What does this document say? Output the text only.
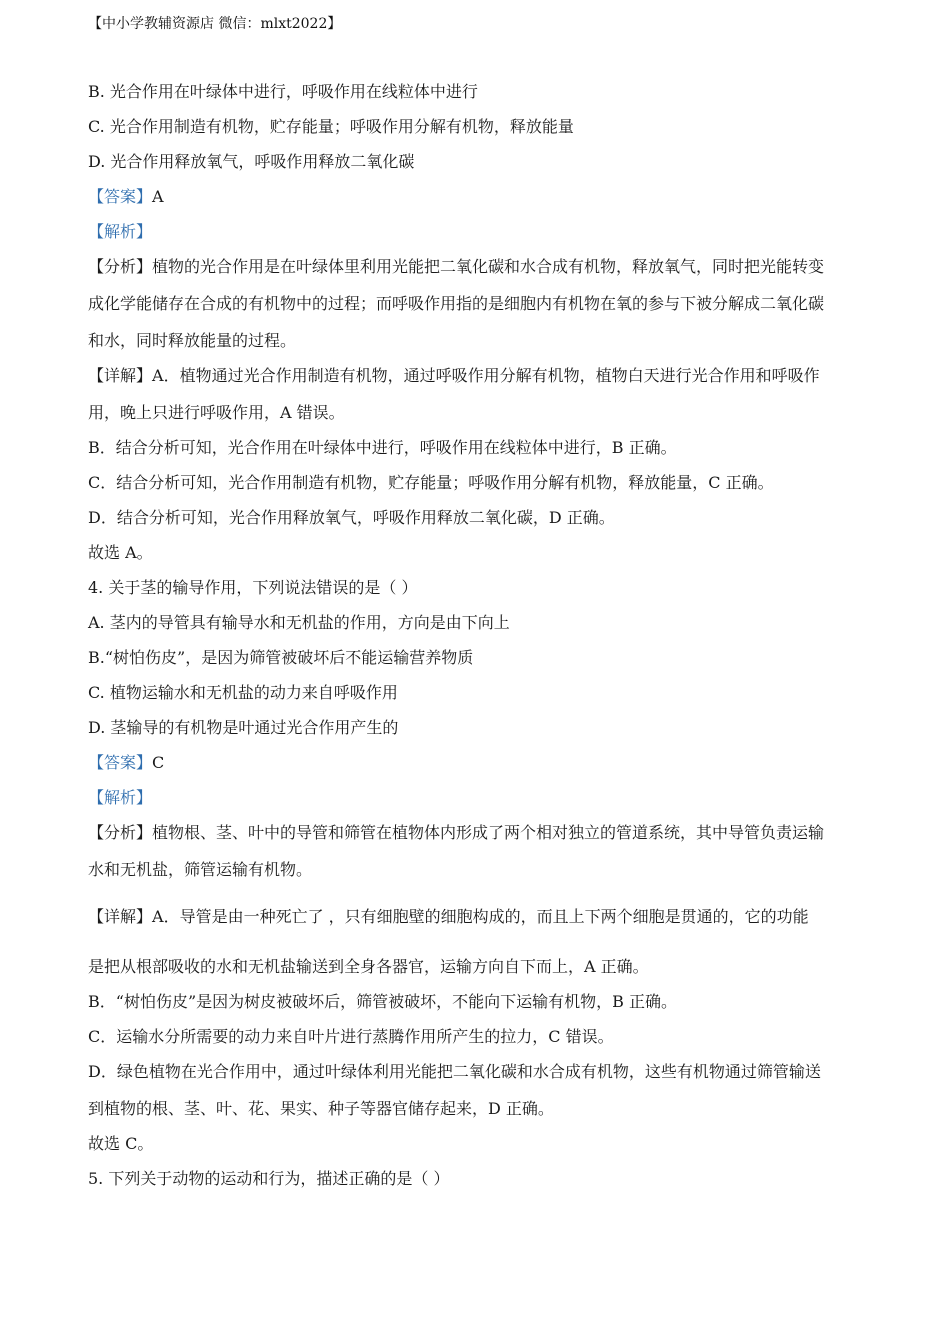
【中小学教辅资源店 微信：mlxt2022】
B. 光合作用在叶绿体中进行，呼吸作用在线粒体中进行
C. 光合作用制造有机物，贮存能量；呼吸作用分解有机物，释放能量
D. 光合作用释放氧气，呼吸作用释放二氧化碳
【答案】A
【解析】
【分析】植物的光合作用是在叶绿体里利用光能把二氧化碳和水合成有机物，释放氧气，同时把光能转变
成化学能储存在合成的有机物中的过程；而呼吸作用指的是细胞内有机物在氧的参与下被分解成二氧化碳
和水，同时释放能量的过程。
【详解】A．植物通过光合作用制造有机物，通过呼吸作用分解有机物，植物白天进行光合作用和呼吸作
用，晚上只进行呼吸作用，A 错误。
B．结合分析可知，光合作用在叶绿体中进行，呼吸作用在线粒体中进行，B 正确。
C．结合分析可知，光合作用制造有机物，贮存能量；呼吸作用分解有机物，释放能量，C 正确。
D．结合分析可知，光合作用释放氧气，呼吸作用释放二氧化碳，D 正确。
故选 A。
4. 关于茎的输导作用，下列说法错误的是（ ）
A. 茎内的导管具有输导水和无机盐的作用，方向是由下向上
B.“树怕伤皮”，是因为筛管被破坏后不能运输营养物质
C. 植物运输水和无机盐的动力来自呼吸作用
D. 茎输导的有机物是叶通过光合作用产生的
【答案】C
【解析】
【分析】植物根、茎、叶中的导管和筛管在植物体内形成了两个相对独立的管道系统，其中导管负责运输
水和无机盐，筛管运输有机物。
【详解】A．导管是由一种死亡了 ，只有细胞壁的细胞构成的，而且上下两个细胞是贯通的，它的功能
是把从根部吸收的水和无机盐输送到全身各器官，运输方向自下而上，A 正确。
B．“树怕伤皮”是因为树皮被破坏后，筛管被破坏，不能向下运输有机物，B 正确。
C．运输水分所需要的动力来自叶片进行蒸腾作用所产生的拉力，C 错误。
D．绿色植物在光合作用中，通过叶绿体利用光能把二氧化碳和水合成有机物，这些有机物通过筛管输送
到植物的根、茎、叶、花、果实、种子等器官储存起来，D 正确。
故选 C。
5. 下列关于动物的运动和行为，描述正确的是（ ）
